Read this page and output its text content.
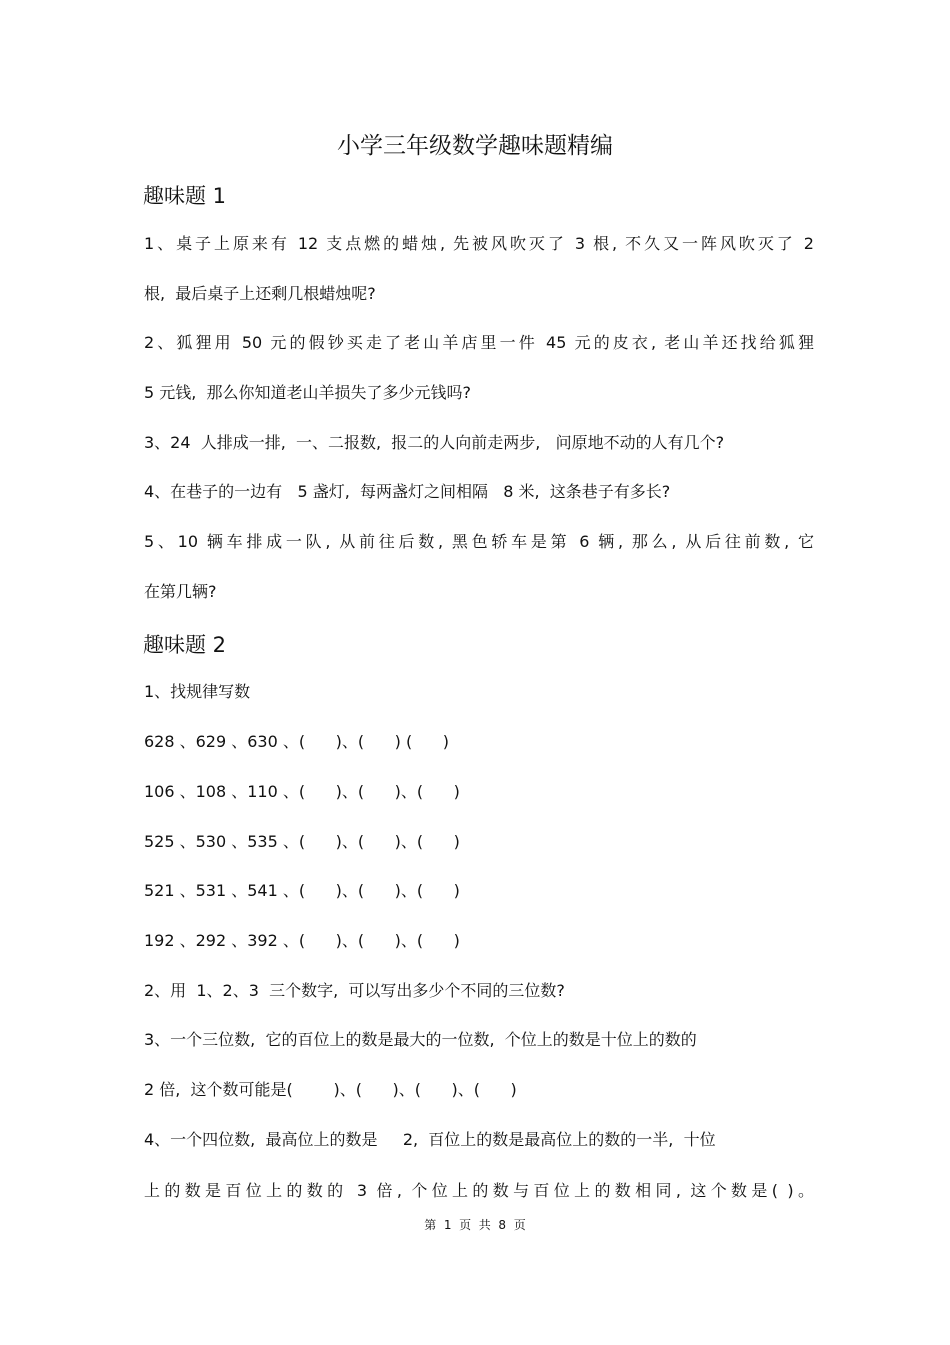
小学三年级数学趣味题精编
趣味题 1
1、桌子上原来有 12 支点燃的蜡烛, 先被风吹灭了 3 根, 不久又一阵风吹灭了 2
根,  最后桌子上还剩几根蜡烛呢?
2、狐狸用 50 元的假钞买走了老山羊店里一件 45 元的皮衣, 老山羊还找给狐狸
5 元钱,  那么你知道老山羊损失了多少元钱吗?
3、24  人排成一排,  一、二报数,  报二的人向前走两步,   问原地不动的人有几个?
4、在巷子的一边有   5 盏灯,  每两盏灯之间相隔   8 米,  这条巷子有多长?
5、10 辆车排成一队, 从前往后数, 黑色轿车是第 6 辆, 那么, 从后往前数, 它
在第几辆?
趣味题 2
1、找规律写数
628 、629 、630 、(      )、(      ) (      )
106 、108 、110 、(      )、(      )、(      )
525 、530 、535 、(      )、(      )、(      )
521 、531 、541 、(      )、(      )、(      )
192 、292 、392 、(      )、(      )、(      )
2、用  1、2、3  三个数字,  可以写出多少个不同的三位数?
3、一个三位数,  它的百位上的数是最大的一位数,  个位上的数是十位上的数的
2 倍,  这个数可能是(        )、(      )、(      )、(      )
4、一个四位数,  最高位上的数是     2,  百位上的数是最高位上的数的一半,  十位
上的数是百位上的数的 3 倍, 个位上的数与百位上的数相同, 这个数是( )。
第  1  页  共  8  页
